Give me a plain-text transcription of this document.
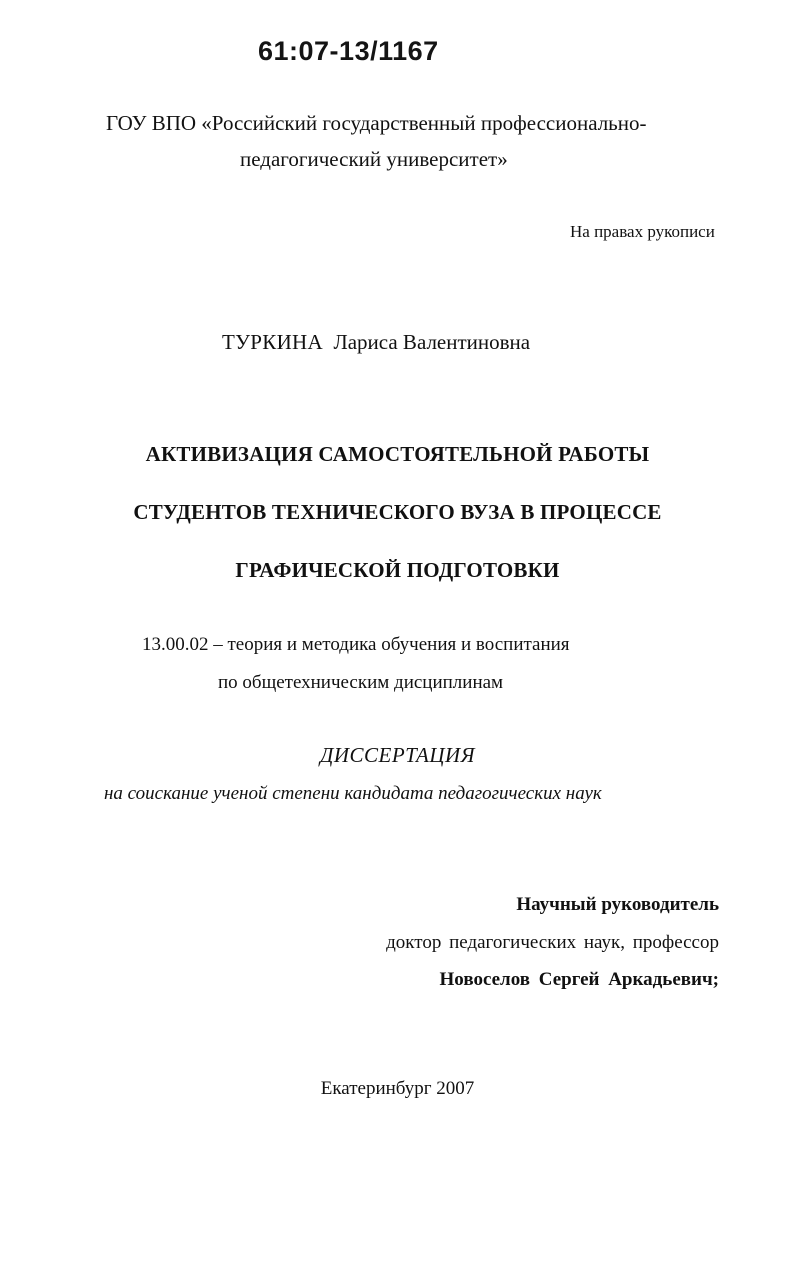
61:07-13/1167
ГОУ ВПО «Российский государственный профессионально-
педагогический университет»
На правах рукописи
ТУРКИНА Лариса Валентиновна
АКТИВИЗАЦИЯ САМОСТОЯТЕЛЬНОЙ РАБОТЫ
СТУДЕНТОВ ТЕХНИЧЕСКОГО ВУЗА В ПРОЦЕССЕ
ГРАФИЧЕСКОЙ ПОДГОТОВКИ
13.00.02 – теория и методика обучения и воспитания
по общетехническим дисциплинам
ДИССЕРТАЦИЯ
на соискание ученой степени кандидата педагогических наук
Научный руководитель
доктор педагогических наук, профессор
Новоселов Сергей Аркадьевич;
Екатеринбург 2007
